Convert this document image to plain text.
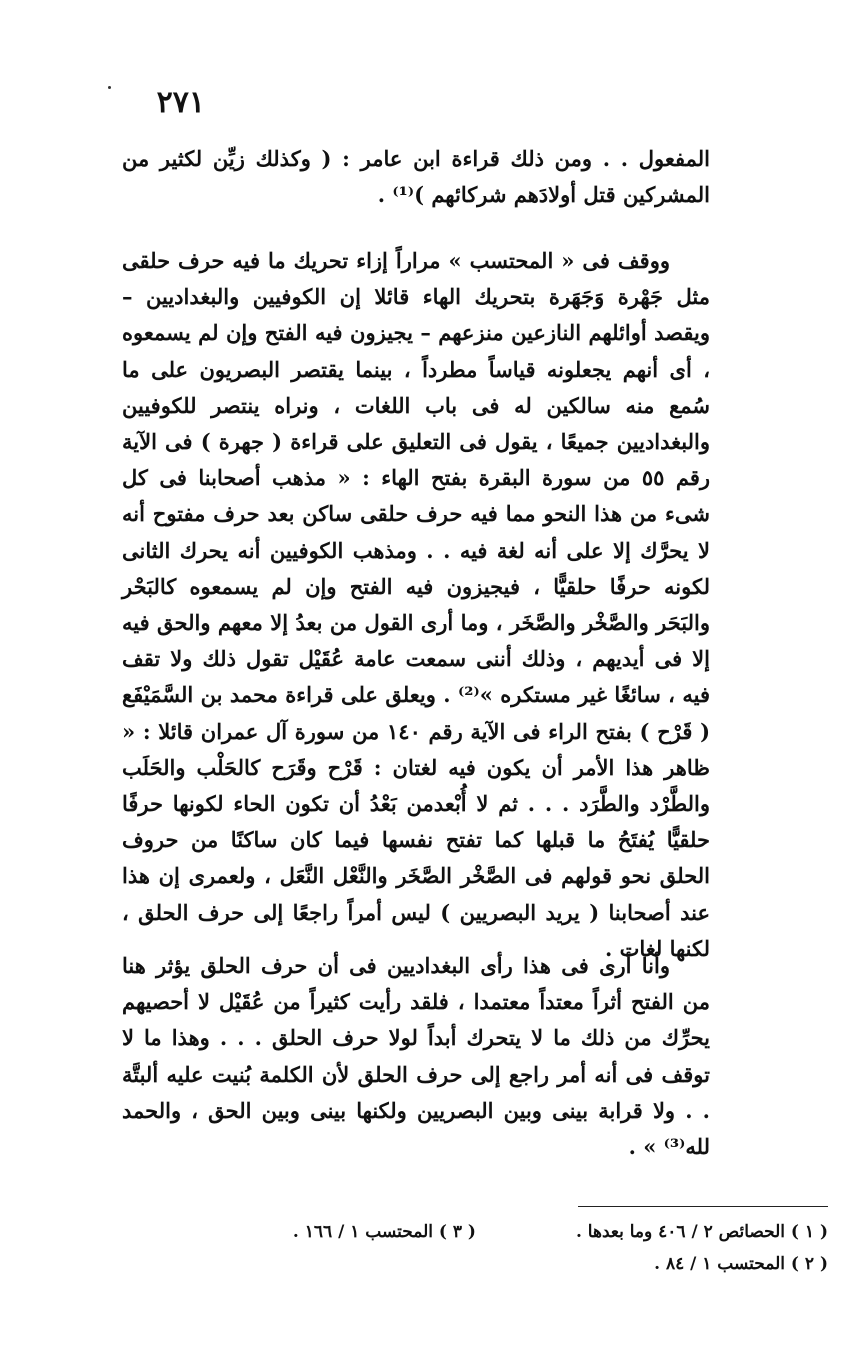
٢٧١

المفعول . . ومن ذلك قراءة ابن عامر : ( وكذلك زيِّن لكثير من المشركين قتل أولادَهم شركائهم )⁽¹⁾ .

ووقف فى « المحتسب » مراراً إزاء تحريك ما فيه حرف حلقى مثل جَهْرة وَجَهَرة بتحريك الهاء قائلا إن الكوفيين والبغداديين – ويقصد أوائلهم النازعين منزعهم – يجيزون فيه الفتح وإن لم يسمعوه ، أى أنهم يجعلونه قياساً مطرداً ، بينما يقتصر البصريون على ما سُمع منه سالكين له فى باب اللغات ، ونراه ينتصر للكوفيين والبغداديين جميعًا ، يقول فى التعليق على قراءة ( جهرة ) فى الآية رقم ٥٥ من سورة البقرة بفتح الهاء : « مذهب أصحابنا فى كل شىء من هذا النحو مما فيه حرف حلقى ساكن بعد حرف مفتوح أنه لا يحرَّك إلا على أنه لغة فيه . . ومذهب الكوفيين أنه يحرك الثانى لكونه حرفًا حلقيًّا ، فيجيزون فيه الفتح وإن لم يسمعوه كالبَحْر والبَحَر والصَّخْر والصَّخَر ، وما أرى القول من بعدُ إلا معهم والحق فيه إلا فى أيديهم ، وذلك أننى سمعت عامة عُقَيْل تقول ذلك ولا تقف فيه ، سائغًا غير مستكره »⁽²⁾ . ويعلق على قراءة محمد بن السَّمَيْفَع ( قَرْح ) بفتح الراء فى الآية رقم ١٤٠ من سورة آل عمران قائلا : « ظاهر هذا الأمر أن يكون فيه لغتان : قَرْح وقَرَح كالحَلْب والحَلَب والطَّرْد والطَّرَد . . . ثم لا أُبْعدمن بَعْدُ أن تكون الحاء لكونها حرفًا حلقيًّا يُفتَحُ ما قبلها كما تفتح نفسها فيما كان ساكنًا من حروف الحلق نحو قولهم فى الصَّخْر الصَّخَر والنَّعْل النَّعَل ، ولعمرى إن هذا عند أصحابنا ( يريد البصريين ) ليس أمراً راجعًا إلى حرف الحلق ، لكنها لغات .

وأنا أرى فى هذا رأى البغداديين فى أن حرف الحلق يؤثر هنا من الفتح أثراً معتداً معتمدا ، فلقد رأيت كثيراً من عُقَيْل لا أحصيهم يحرِّك من ذلك ما لا يتحرك أبداً لولا حرف الحلق . . . وهذا ما لا توقف فى أنه أمر راجع إلى حرف الحلق لأن الكلمة بُنيت عليه ألبتَّة . . ولا قرابة بينى وبين البصريين ولكنها بينى وبين الحق ، والحمد لله⁽³⁾ » .

( ١ ) الحصائص ٢ / ٤٠٦ وما بعدها .
( ٣ ) المحتسب ١ / ١٦٦ .
( ٢ ) المحتسب ١ / ٨٤ .
